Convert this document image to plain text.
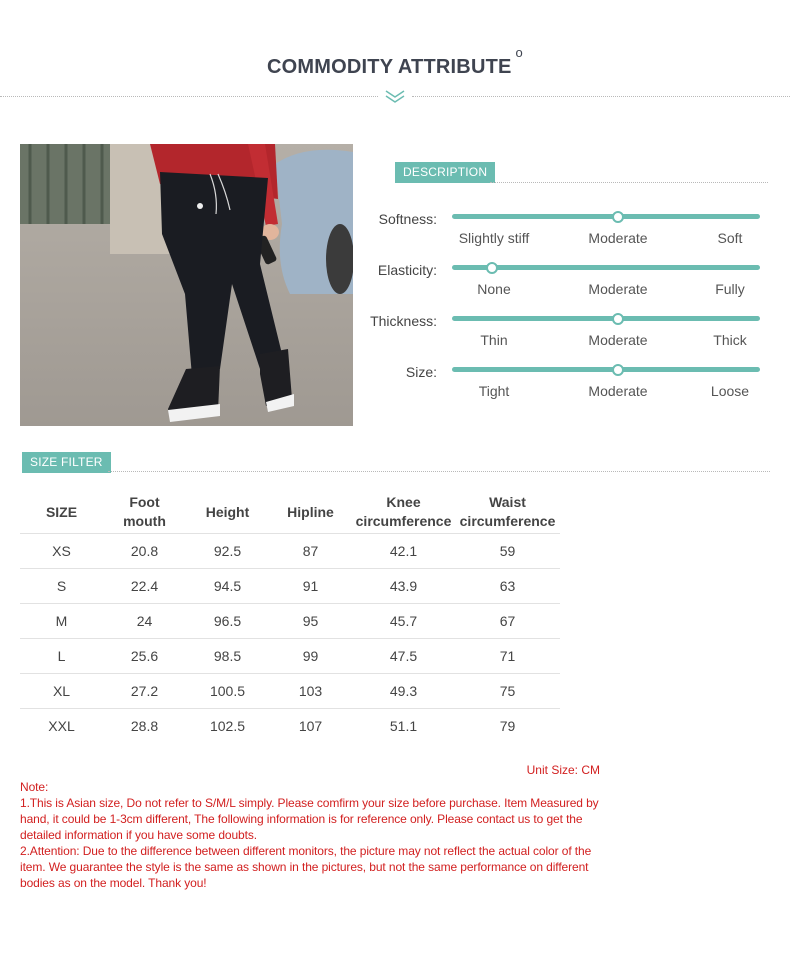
COMMODITY ATTRIBUTE$^o$
DESCRIPTION
Softness:
Slightly stiff	Moderate	Soft
Elasticity:
None	Moderate	Fully
Thickness:
Thin	Moderate	Thick
Size:
Tight	Moderate	Loose
SIZE FILTER
SIZE	Foot mouth	Height	Hipline	Knee circumference	Waist circumference
XS	20.8	92.5	87	42.1	59
S	22.4	94.5	91	43.9	63
M	24	96.5	95	45.7	67
L	25.6	98.5	99	47.5	71
XL	27.2	100.5	103	49.3	75
XXL	28.8	102.5	107	51.1	79
Unit Size: CM

Note:

1.This is Asian size, Do not refer to S/M/L simply. Please comfirm your size before purchase. Item Measured by hand, it could be 1-3cm different, The following information is for reference only. Please contact us to get the detailed information if you have some doubts.

2.Attention: Due to the difference between different monitors, the picture may not reflect the actual color of the item. We guarantee the style is the same as shown in the pictures, but not the same performance on different bodies as on the model. Thank you!
